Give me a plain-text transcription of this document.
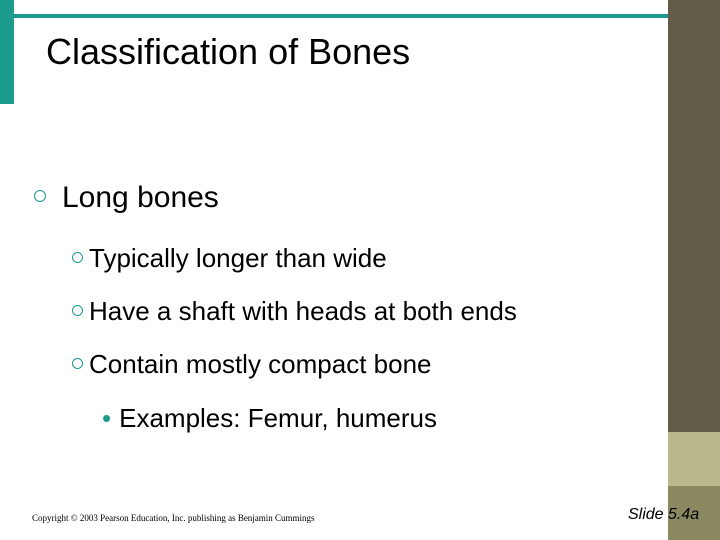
Classification of Bones
Long bones
Typically longer than wide
Have a shaft with heads at both ends
Contain mostly compact bone
• Examples: Femur, humerus
Copyright © 2003 Pearson Education, Inc. publishing as Benjamin Cummings	Slide 5.4a
